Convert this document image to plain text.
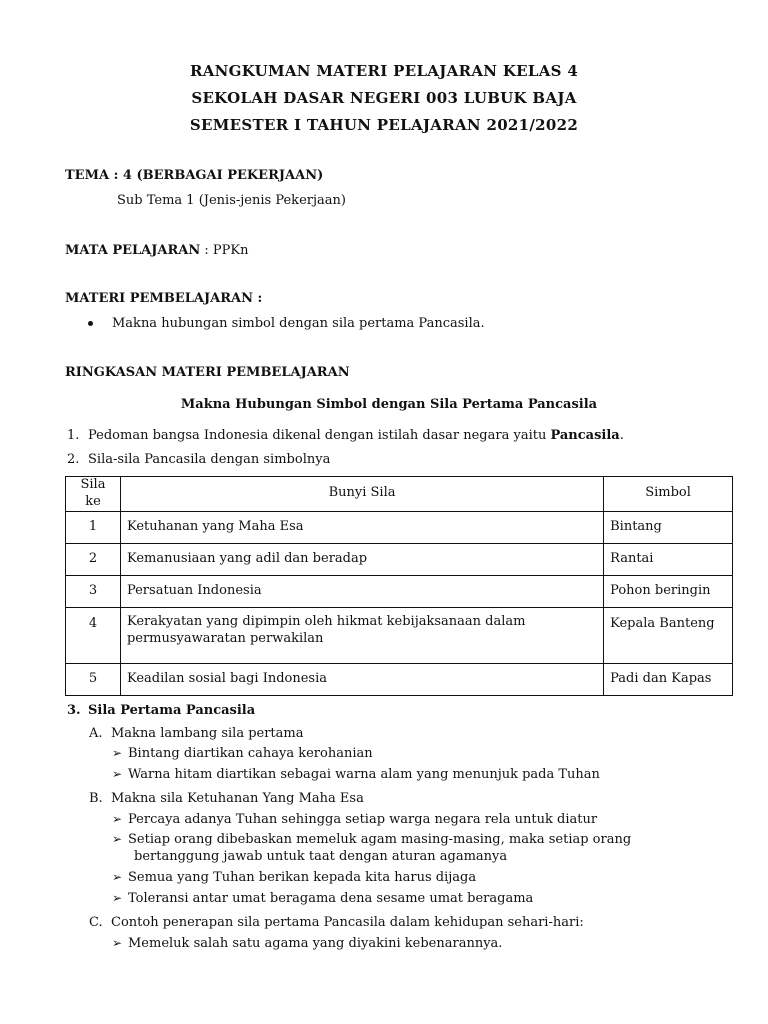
RANGKUMAN MATERI PELAJARAN KELAS 4
SEKOLAH DASAR NEGERI 003 LUBUK BAJA
SEMESTER I TAHUN PELAJARAN 2021/2022
TEMA : 4 (BERBAGAI PEKERJAAN)
Sub Tema 1 (Jenis-jenis Pekerjaan)
MATA PELAJARAN : PPKn
MATERI PEMBELAJARAN :
Makna hubungan simbol dengan sila pertama Pancasila.
RINGKASAN MATERI PEMBELAJARAN
Makna Hubungan Simbol dengan Sila Pertama Pancasila
1. Pedoman bangsa Indonesia dikenal dengan istilah dasar negara yaitu Pancasila.
2. Sila-sila Pancasila dengan simbolnya
Sila ke	Bunyi Sila	Simbol
1	Ketuhanan yang Maha Esa	Bintang
2	Kemanusiaan yang adil dan beradap	Rantai
3	Persatuan Indonesia	Pohon beringin
4	Kerakyatan yang dipimpin oleh hikmat kebijaksanaan dalam permusyawaratan perwakilan	Kepala Banteng
5	Keadilan sosial bagi Indonesia	Padi dan Kapas
3. Sila Pertama Pancasila
A. Makna lambang sila pertama
➢ Bintang diartikan cahaya kerohanian
➢ Warna hitam diartikan sebagai warna alam yang menunjuk pada Tuhan
B. Makna sila Ketuhanan Yang Maha Esa
➢ Percaya adanya Tuhan sehingga setiap warga negara rela untuk diatur
➢ Setiap orang dibebaskan memeluk agam masing-masing, maka setiap orang
bertanggung jawab untuk taat dengan aturan agamanya
➢ Semua yang Tuhan berikan kepada kita harus dijaga
➢ Toleransi antar umat beragama dena sesame umat beragama
C. Contoh penerapan sila pertama Pancasila dalam kehidupan sehari-hari:
➢ Memeluk salah satu agama yang diyakini kebenarannya.
